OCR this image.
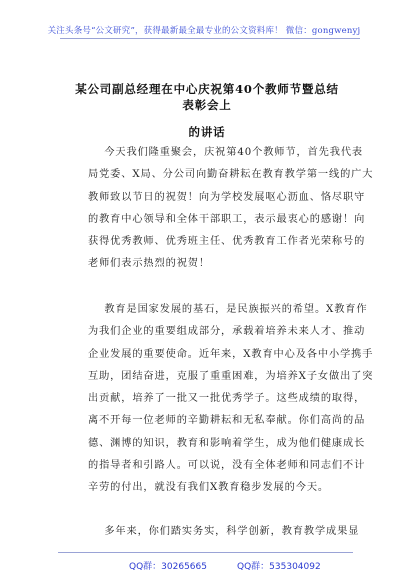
关注头条号“公文研究”，获得最新最全最专业的公文资料库！ 微信：gongwenyj
某公司副总经理在中心庆祝第40个教师节暨总结表彰会上
的讲话
今天我们隆重聚会，庆祝第40个教师节，首先我代表
局党委、X局、分公司向勤奋耕耘在教育教学第一线的广大
教师致以节日的祝贺！向为学校发展呕心沥血、恪尽职守
的教育中心领导和全体干部职工，表示最衷心的感谢！向
获得优秀教师、优秀班主任、优秀教育工作者光荣称号的
老师们表示热烈的祝贺！
教育是国家发展的基石，是民族振兴的希望。X教育作
为我们企业的重要组成部分，承载着培养未来人才、推动
企业发展的重要使命。近年来，X教育中心及各中小学携手
互助，团结奋进，克服了重重困难，为培养X子女做出了突
出贡献，培养了一批又一批优秀学子。这些成绩的取得，
离不开每一位老师的辛勤耕耘和无私奉献。你们高尚的品
德、渊博的知识，教育和影响着学生，成为他们健康成长
的指导者和引路人。可以说，没有全体老师和同志们不计
辛劳的付出，就没有我们X教育稳步发展的今天。
多年来，你们踏实务实，科学创新，教育教学成果显
QQ群：30265665	QQ群：535304092
